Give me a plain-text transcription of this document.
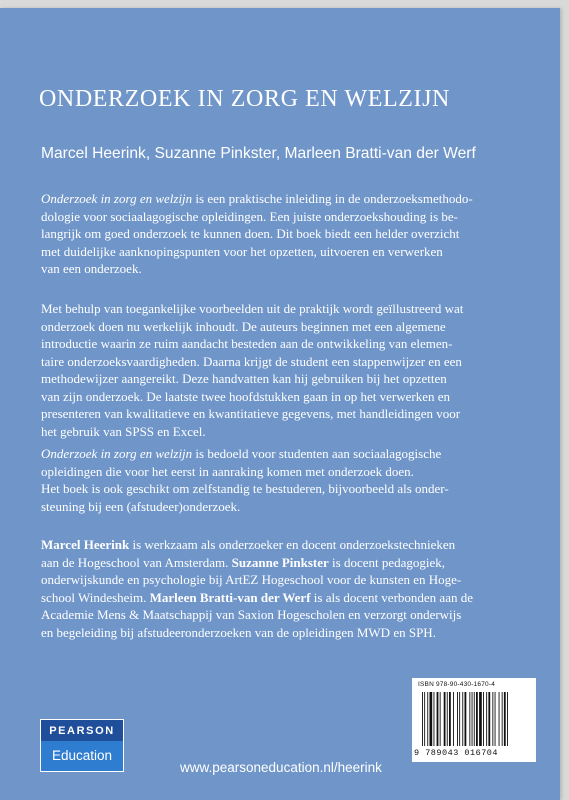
ONDERZOEK IN ZORG EN WELZIJN
Marcel Heerink, Suzanne Pinkster, Marleen Bratti-van der Werf
Onderzoek in zorg en welzijn is een praktische inleiding in de onderzoeksmethodo-
dologie voor sociaalagogische opleidingen. Een juiste onderzoekshouding is be-
langrijk om goed onderzoek te kunnen doen. Dit boek biedt een helder overzicht
met duidelijke aanknopingspunten voor het opzetten, uitvoeren en verwerken
van een onderzoek.
Met behulp van toegankelijke voorbeelden uit de praktijk wordt geïllustreerd wat
onderzoek doen nu werkelijk inhoudt. De auteurs beginnen met een algemene
introductie waarin ze ruim aandacht besteden aan de ontwikkeling van elemen-
taire onderzoeksvaardigheden. Daarna krijgt de student een stappenwijzer en een
methodewijzer aangereikt. Deze handvatten kan hij gebruiken bij het opzetten
van zijn onderzoek. De laatste twee hoofdstukken gaan in op het verwerken en
presenteren van kwalitatieve en kwantitatieve gegevens, met handleidingen voor
het gebruik van SPSS en Excel.
Onderzoek in zorg en welzijn is bedoeld voor studenten aan sociaalagogische
opleidingen die voor het eerst in aanraking komen met onderzoek doen.
Het boek is ook geschikt om zelfstandig te bestuderen, bijvoorbeeld als onder-
steuning bij een (afstudeer)onderzoek.
Marcel Heerink is werkzaam als onderzoeker en docent onderzoekstechnieken
aan de Hogeschool van Amsterdam. Suzanne Pinkster is docent pedagogiek,
onderwijskunde en psychologie bij ArtEZ Hogeschool voor de kunsten en Hoge-
school Windesheim. Marleen Bratti-van der Werf is als docent verbonden aan de
Academie Mens & Maatschappij van Saxion Hogescholen en verzorgt onderwijs
en begeleiding bij afstudeeronderzoeken van de opleidingen MWD en SPH.
ISBN 978-90-430-1670-4
9 789043 016704
PEARSON
Education
www.pearsoneducation.nl/heerink
